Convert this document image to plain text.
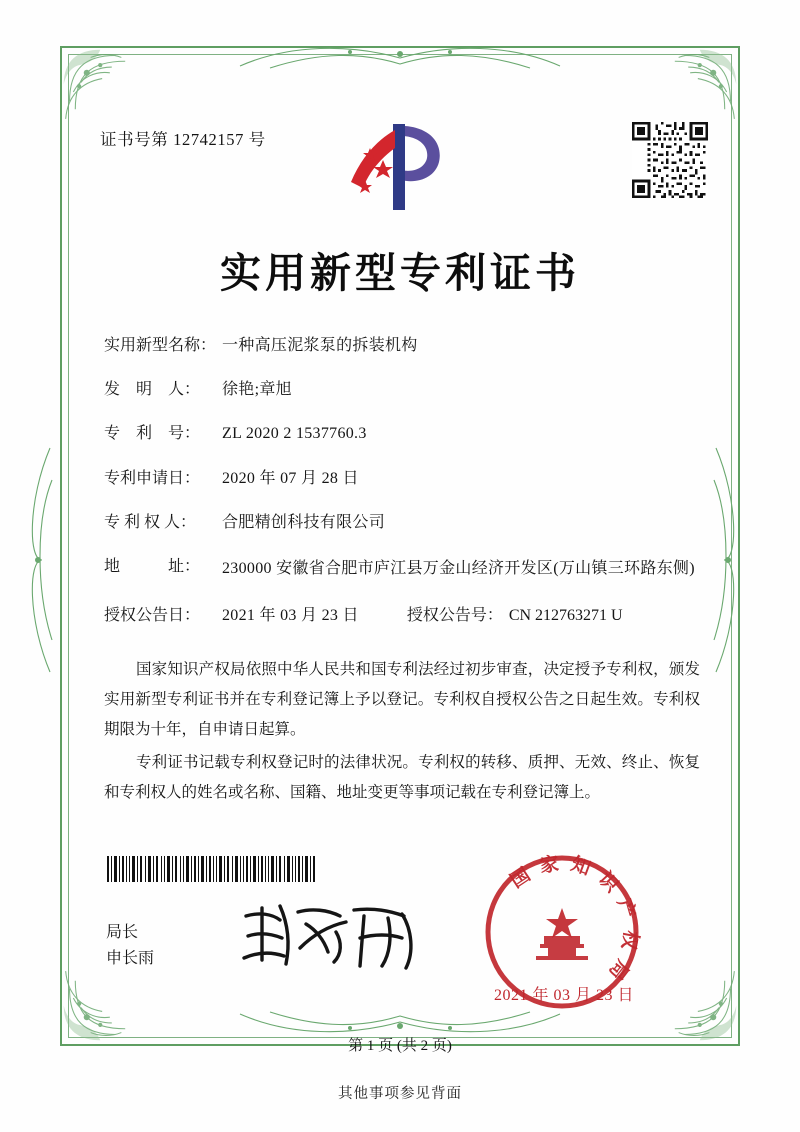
证书号第 12742157 号
实用新型专利证书
实用新型名称： 一种高压泥浆泵的拆装机构
发　明　人：	徐艳;章旭
专　利　号：	ZL 2020 2 1537760.3
专利申请日：	2020 年 07 月 28 日
专 利 权 人：	合肥精创科技有限公司
地　　　址：	230000 安徽省合肥市庐江县万金山经济开发区(万山镇三环路东侧)
授权公告日：	2021 年 03 月 23 日	授权公告号： CN 212763271 U

国家知识产权局依照中华人民共和国专利法经过初步审查，决定授予专利权，颁发实用新型专利证书并在专利登记簿上予以登记。专利权自授权公告之日起生效。专利权期限为十年，自申请日起算。

专利证书记载专利权登记时的法律状况。专利权的转移、质押、无效、终止、恢复和专利权人的姓名或名称、国籍、地址变更等事项记载在专利登记簿上。

局长
申长雨
国家知识产权局
2021 年 03 月 23 日
第 1 页 (共 2 页)
其他事项参见背面
